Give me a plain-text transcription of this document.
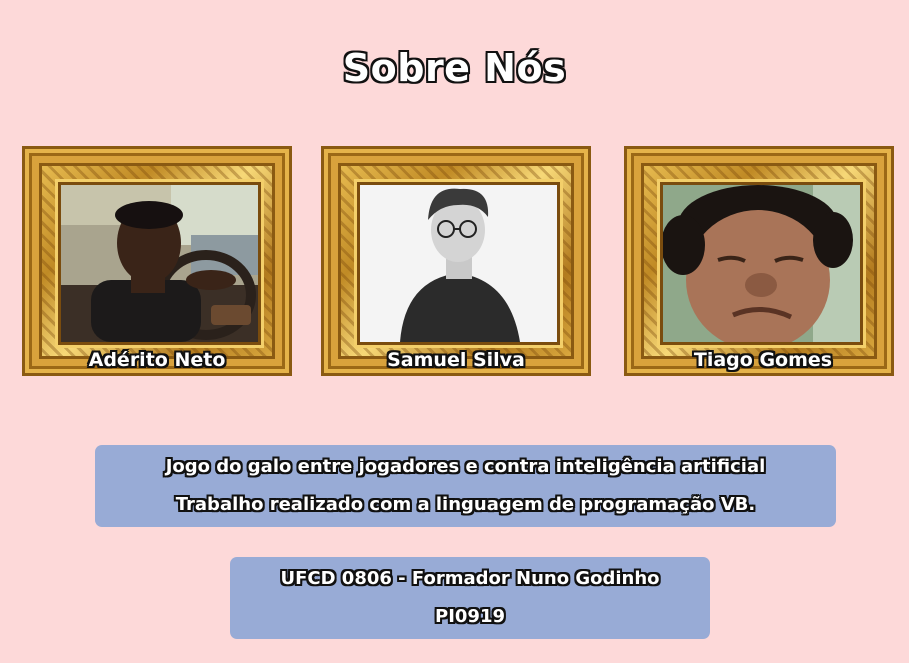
Sobre Nós
Adérito Neto	Samuel Silva	Tiago Gomes
Jogo do galo entre jogadores e contra inteligência artificial
Trabalho realizado com a linguagem de programação VB.
UFCD 0806 - Formador Nuno Godinho
PI0919
